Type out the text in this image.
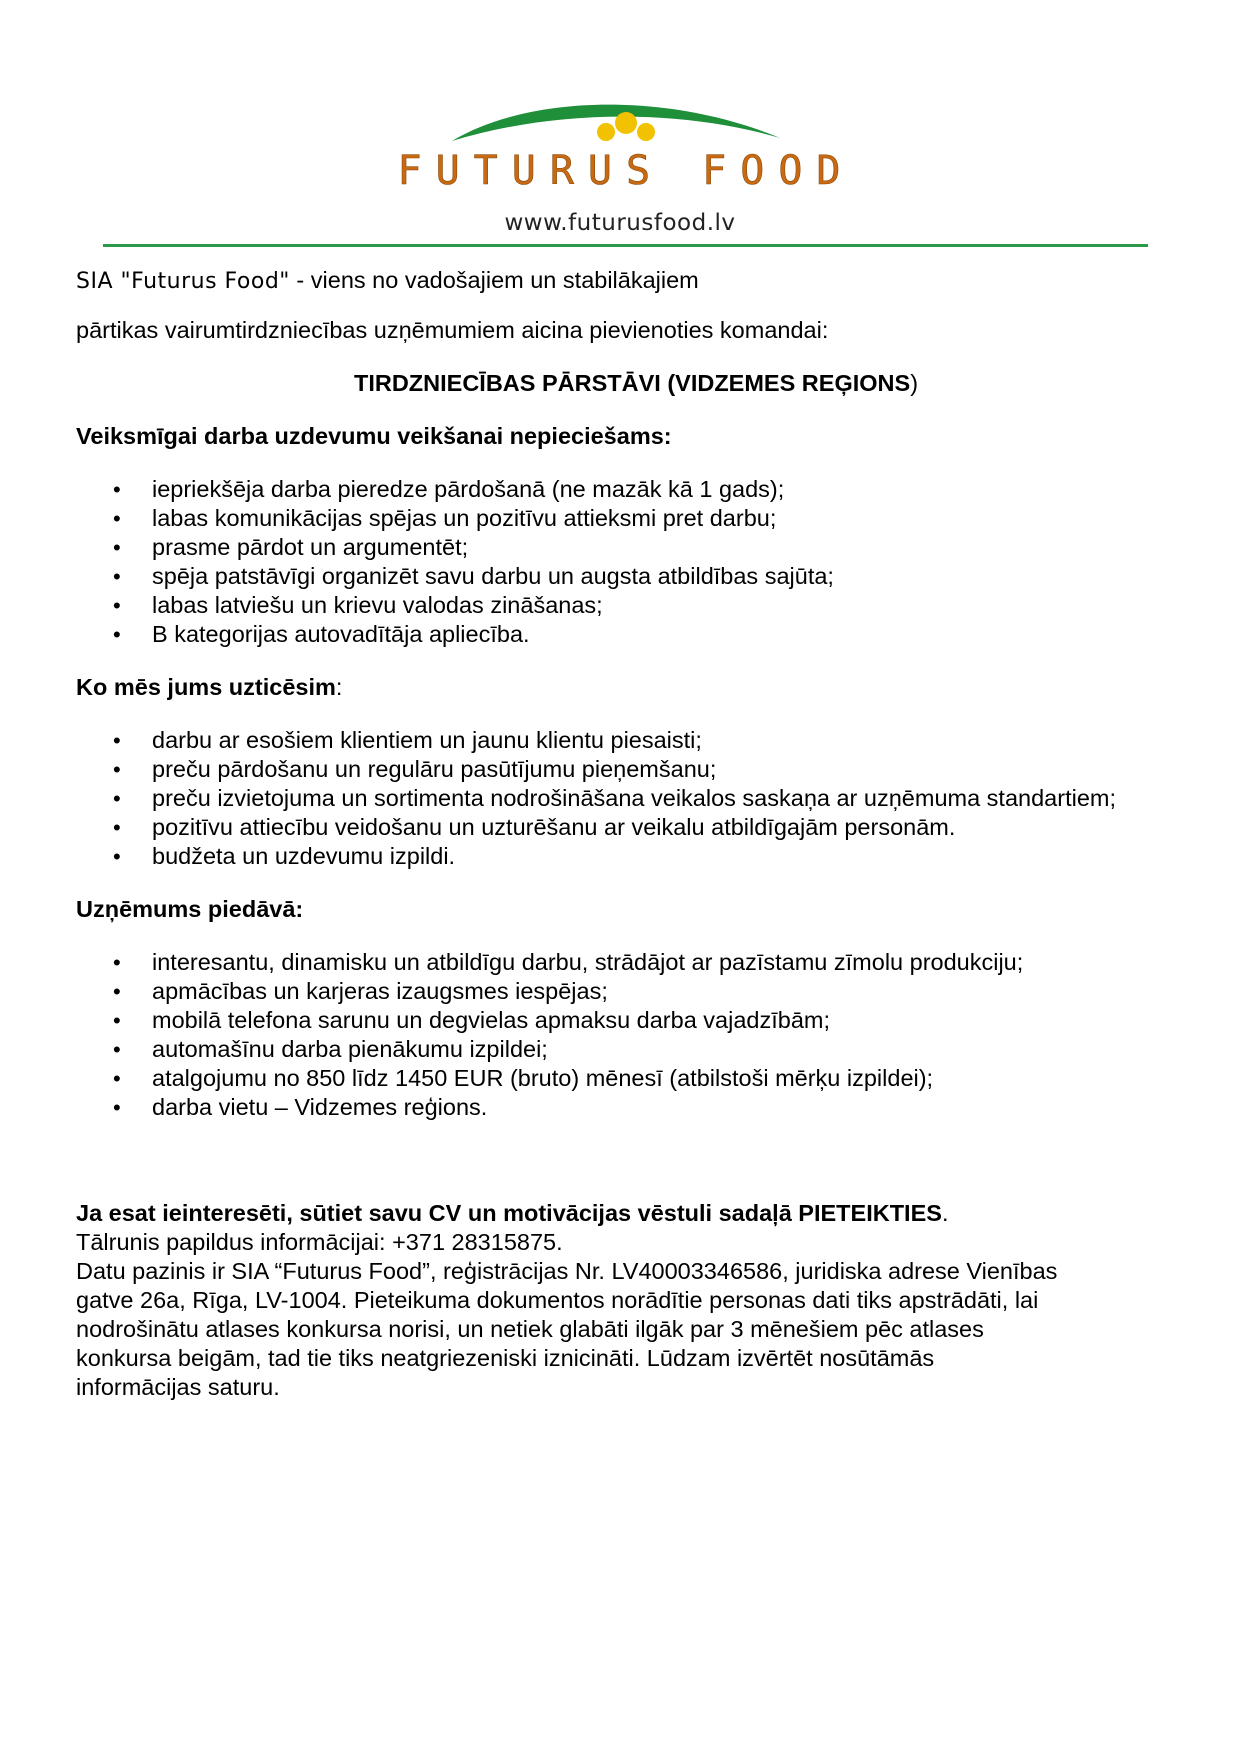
FUTURUS FOOD
www.futurusfood.lv

SIA "Futurus Food" - viens no vadošajiem un stabilākajiem

pārtikas vairumtirdzniecības uzņēmumiem aicina pievienoties komandai:

TIRDZNIECĪBAS PĀRSTĀVI (VIDZEMES REĢIONS)

Veiksmīgai darba uzdevumu veikšanai nepieciešams:
• iepriekšēja darba pieredze pārdošanā (ne mazāk kā 1 gads);
• labas komunikācijas spējas un pozitīvu attieksmi pret darbu;
• prasme pārdot un argumentēt;
• spēja patstāvīgi organizēt savu darbu un augsta atbildības sajūta;
• labas latviešu un krievu valodas zināšanas;
• B kategorijas autovadītāja apliecība.
Ko mēs jums uzticēsim:
• darbu ar esošiem klientiem un jaunu klientu piesaisti;
• preču pārdošanu un regulāru pasūtījumu pieņemšanu;
• preču izvietojuma un sortimenta nodrošināšana veikalos saskaņa ar uzņēmuma standartiem;
• pozitīvu attiecību veidošanu un uzturēšanu ar veikalu atbildīgajām personām.
• budžeta un uzdevumu izpildi.
Uzņēmums piedāvā:
• interesantu, dinamisku un atbildīgu darbu, strādājot ar pazīstamu zīmolu produkciju;
• apmācības un karjeras izaugsmes iespējas;
• mobilā telefona sarunu un degvielas apmaksu darba vajadzībām;
• automašīnu darba pienākumu izpildei;
• atalgojumu no 850 līdz 1450 EUR (bruto) mēnesī (atbilstoši mērķu izpildei);
• darba vietu – Vidzemes reģions.

Ja esat ieinteresēti, sūtiet savu CV un motivācijas vēstuli sadaļā PIETEIKTIES.

Tālrunis papildus informācijai: +371 28315875.

Datu pazinis ir SIA “Futurus Food”, reģistrācijas Nr. LV40003346586, juridiska adrese Vienības gatve 26a, Rīga, LV-1004. Pieteikuma dokumentos norādītie personas dati tiks apstrādāti, lai nodrošinātu atlases konkursa norisi, un netiek glabāti ilgāk par 3 mēnešiem pēc atlases konkursa beigām, tad tie tiks neatgriezeniski iznicināti. Lūdzam izvērtēt nosūtāmās informācijas saturu.
